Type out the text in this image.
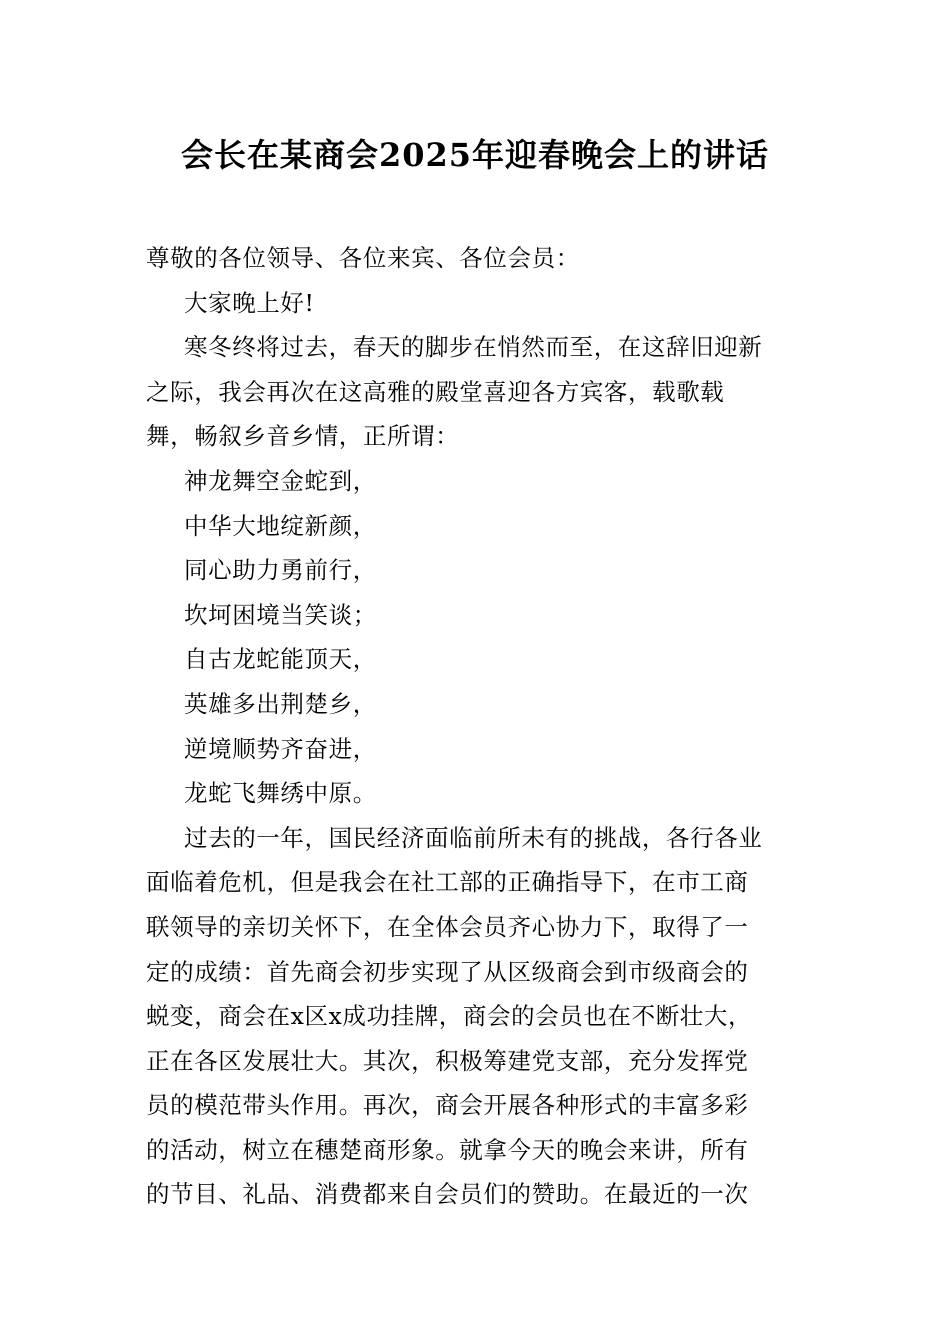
会长在某商会2025年迎春晚会上的讲话
尊敬的各位领导、各位来宾、各位会员：
大家晚上好!
寒冬终将过去，春天的脚步在悄然而至，在这辞旧迎新
之际，我会再次在这高雅的殿堂喜迎各方宾客，载歌载
舞，畅叙乡音乡情，正所谓：
神龙舞空金蛇到，
中华大地绽新颜，
同心助力勇前行，
坎坷困境当笑谈；
自古龙蛇能顶天，
英雄多出荆楚乡，
逆境顺势齐奋进，
龙蛇飞舞绣中原。
过去的一年，国民经济面临前所未有的挑战，各行各业
面临着危机，但是我会在社工部的正确指导下，在市工商
联领导的亲切关怀下，在全体会员齐心协力下，取得了一
定的成绩：首先商会初步实现了从区级商会到市级商会的
蜕变，商会在x区x成功挂牌，商会的会员也在不断壮大，
正在各区发展壮大。其次，积极筹建党支部，充分发挥党
员的模范带头作用。再次，商会开展各种形式的丰富多彩
的活动，树立在穗楚商形象。就拿今天的晚会来讲，所有
的节目、礼品、消费都来自会员们的赞助。在最近的一次
